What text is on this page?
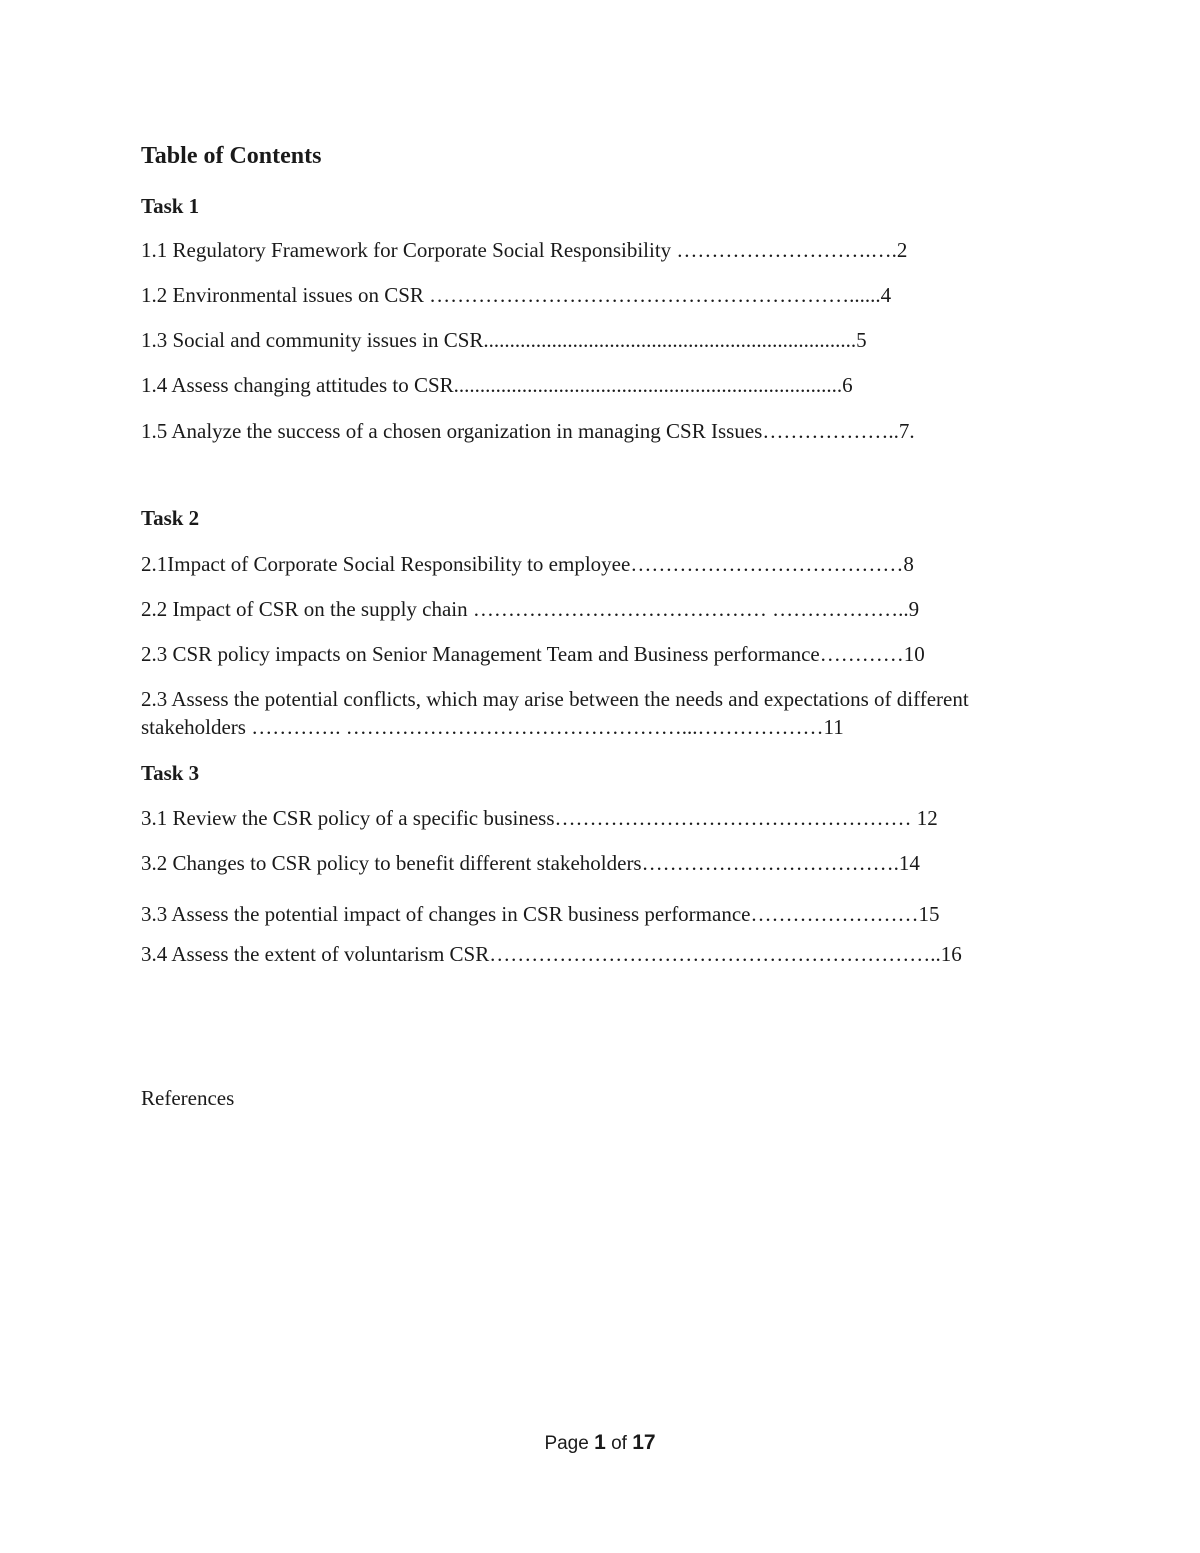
Table of Contents
Task 1

1.1 Regulatory Framework for Corporate Social Responsibility ……………………….….2

1.2 Environmental issues on CSR ……………………………………………………......4

1.3 Social and community issues in CSR.......................................................................5

1.4 Assess changing attitudes to CSR..........................................................................6

1.5 Analyze the success of a chosen organization in managing CSR Issues………………..7.

Task 2

2.1Impact of Corporate Social Responsibility to employee…………………………………8

2.2 Impact of CSR on the supply chain …………………………………… ………………..9

2.3 CSR policy impacts on Senior Management Team and Business performance…………10

2.3 Assess the potential conflicts, which may arise between the needs and expectations of different stakeholders …………. …………………………………………...………………11

Task 3

3.1 Review the CSR policy of a specific business…………………………………………… 12

3.2 Changes to CSR policy to benefit different stakeholders……………………………….14

3.3 Assess the potential impact of changes in CSR business performance……………………15

3.4 Assess the extent of voluntarism CSR………………………………………………………..16

References

Page 1 of 17
